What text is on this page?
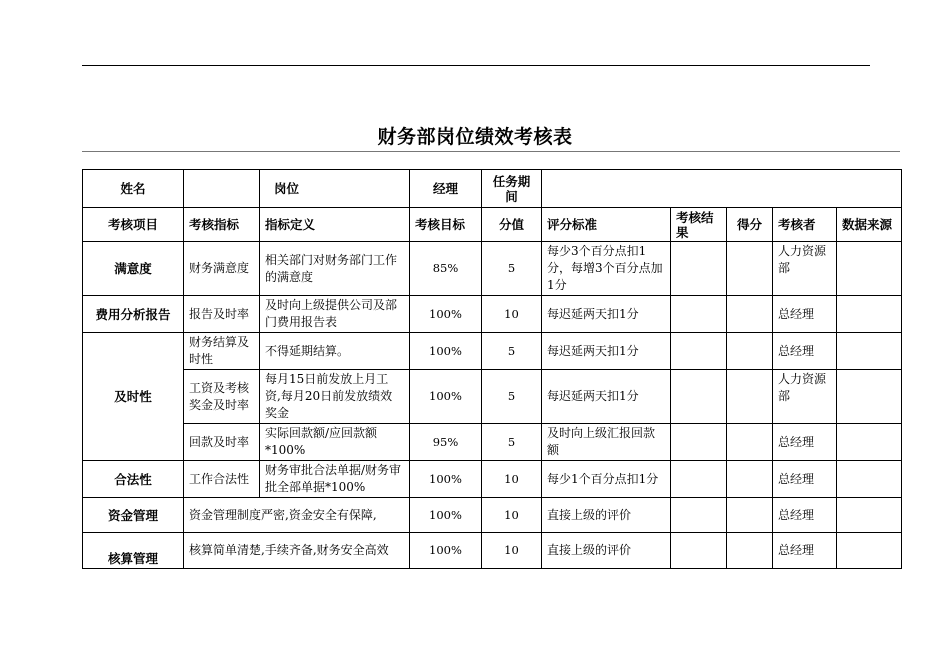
财务部岗位绩效考核表
姓名		岗位	经理	任务期间					
考核项目	考核指标	指标定义	考核目标	分值	评分标准	考核结果	得分	考核者	数据来源
满意度	财务满意度	相关部门对财务部门工作的满意度	85%	5	每少3个百分点扣1分，每增3个百分点加1分			人力资源部	
费用分析报告	报告及时率	及时向上级提供公司及部门费用报告表	100%	10	每迟延两天扣1分			总经理	
及时性	财务结算及时性	不得延期结算。	100%	5	每迟延两天扣1分			总经理	
	工资及考核奖金及时率	每月15日前发放上月工资,每月20日前发放绩效奖金	100%	5	每迟延两天扣1分			人力资源部	
	回款及时率	实际回款额/应回款额*100%	95%	5	及时向上级汇报回款额			总经理	
合法性	工作合法性	财务审批合法单据/财务审批全部单据*100%	100%	10	每少1个百分点扣1分			总经理	
资金管理	资金管理制度严密,资金安全有保障,		100%	10	直接上级的评价			总经理	
核算管理	核算简单清楚,手续齐备,财务安全高效		100%	10	直接上级的评价			总经理	
